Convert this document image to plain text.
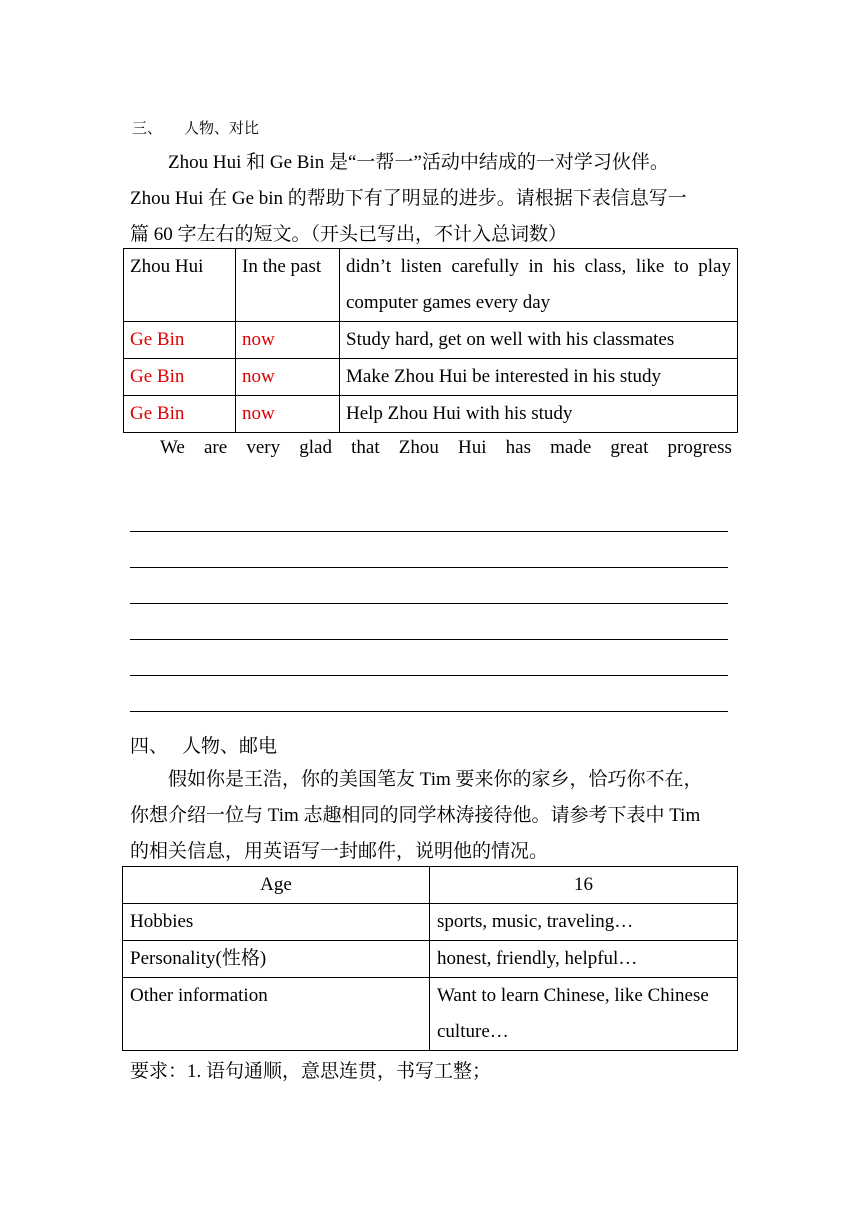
三、 人物、对比

Zhou Hui 和 Ge Bin 是“一帮一”活动中结成的一对学习伙伴。

Zhou Hui 在 Ge bin 的帮助下有了明显的进步。请根据下表信息写一

篇 60 字左右的短文。（开头已写出，不计入总词数）

Zhou Hui	In the past	didn’t listen carefully in his class, like to play
computer games every day

Ge Bin	now	Study hard, get on well with his classmates
Ge Bin	now	Make Zhou Hui be interested in his study
Ge Bin	now	Help Zhou Hui with his study
We are very glad that Zhou Hui has made great progress
四、 人物、邮电

假如你是王浩，你的美国笔友 Tim 要来你的家乡，恰巧你不在，

你想介绍一位与 Tim 志趣相同的同学林涛接待他。请参考下表中 Tim

的相关信息，用英语写一封邮件，说明他的情况。

Age	16
Hobbies	sports, music, traveling…
Personality(性格)	honest, friendly, helpful…
Other information	Want to learn Chinese, like Chinese
culture…
要求：1. 语句通顺，意思连贯，书写工整；
